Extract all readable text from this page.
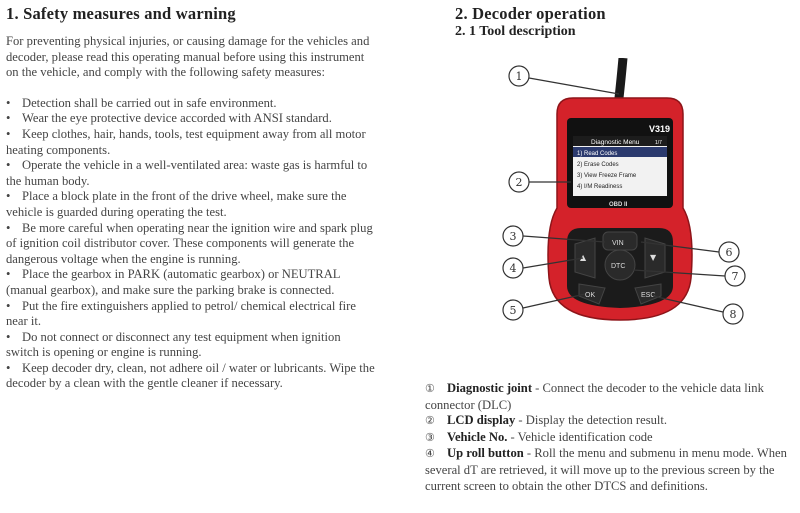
1. Safety measures and warning

For preventing physical injuries, or causing damage for the vehicles and decoder, please read this operating manual before using this instrument on the vehicle, and comply with the following safety measures:

• Detection shall be carried out in safe environment.

• Wear the eye protective device accorded with ANSI standard.

• Keep clothes, hair, hands, tools, test equipment away from all motor heating components.

• Operate the vehicle in a well-ventilated area: waste gas is harmful to the human body.

• Place a block plate in the front of the drive wheel, make sure the vehicle is guarded during operating the test.

• Be more careful when operating near the ignition wire and spark plug of ignition coil distributor cover. These components will generate the dangerous voltage when the engine is running.

• Place the gearbox in PARK (automatic gearbox) or NEUTRAL (manual gearbox), and make sure the parking brake is connected.

• Put the fire extinguishers applied to petrol/ chemical electrical fire near it.

• Do not connect or disconnect any test equipment when ignition switch is opening or engine is running.

• Keep decoder dry, clean, not adhere oil / water or lubricants. Wipe the decoder by a clean with the gentle cleaner if necessary.

2. Decoder operation
2. 1 Tool description
V319
Diagnostic Menu	1/7
1) Read Codes
2) Erase Codes
3) View Freeze Frame
4) I/M Readiness
OBD II
VIN
▲	▼
DTC
OK	ESC
1
2
3
4
5
6
7
8

① Diagnostic joint - Connect the decoder to the vehicle data link connector (DLC)

② LCD display - Display the detection result.

③ Vehicle No. - Vehicle identification code

④ Up roll button - Roll the menu and submenu in menu mode. When several dT are retrieved, it will move up to the previous screen by the current screen to obtain the other DTCS and definitions.
